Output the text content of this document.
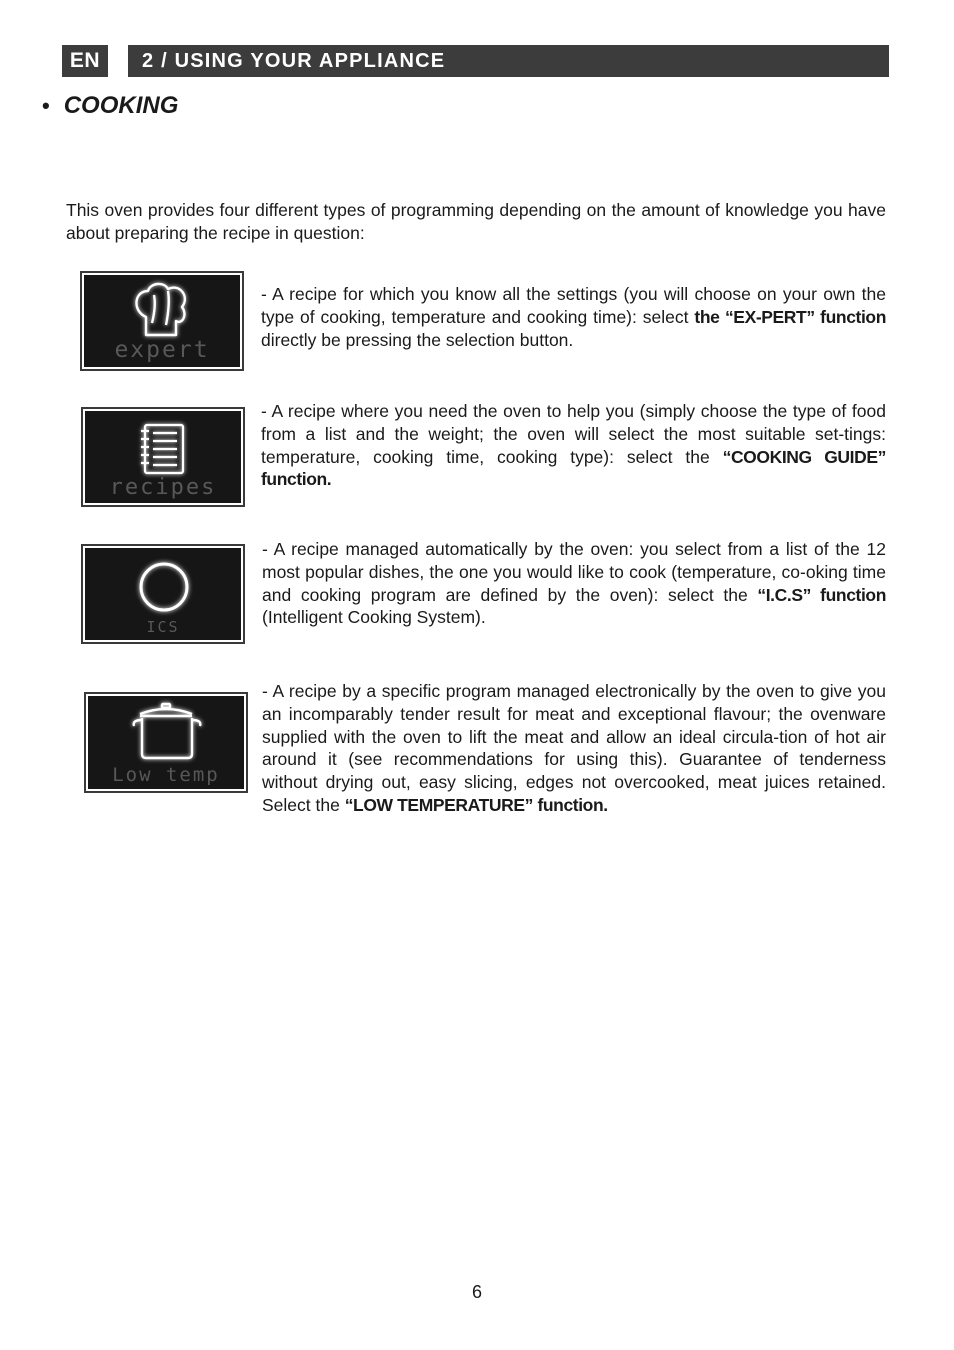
EN	2 / USING YOUR APPLIANCE
• COOKING
This oven provides four different types of programming depending on the amount of knowledge you have about preparing the recipe in question:
expert
- A recipe for which you know all the settings (you will choose on your own the type of cooking, temperature and cooking time): select the “EX-PERT” function directly be pressing the selection button.
recipes
- A recipe where you need the oven to help you (simply choose the type of food from a list and the weight; the oven will select the most suitable set-tings: temperature, cooking time, cooking type): select the “COOKING GUIDE” function.
ICS
- A recipe managed automatically by the oven: you select from a list of the 12 most popular dishes, the one you would like to cook (temperature, co-oking time and cooking program are defined by the oven): select the “I.C.S” function (Intelligent Cooking System).
Low temp
- A recipe by a specific program managed electronically by the oven to give you an incomparably tender result for meat and exceptional flavour; the ovenware supplied with the oven to lift the meat and allow an ideal circula-tion of hot air around it (see recommendations for using this). Guarantee of tenderness without drying out, easy slicing, edges not overcooked, meat juices retained. Select the “LOW TEMPERATURE” function.
6
